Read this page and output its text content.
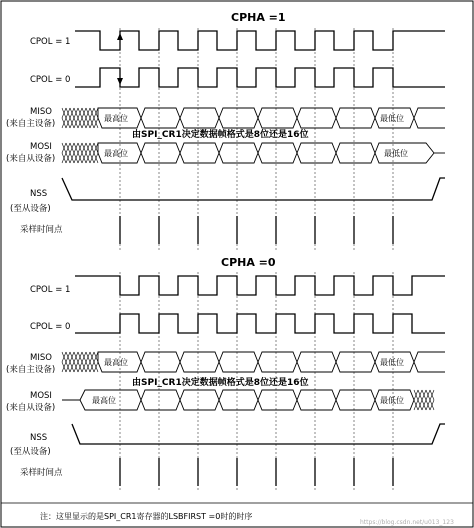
CPHA =1
CPOL = 1
CPOL = 0
MISO
(来自主设备)
最高位	最低位
由SPI_CR1决定数据帧格式是8位还是16位
MOSI
(来自从设备)
最高位	最低位
NSS
(至从设备)
采样时间点
CPHA =0
CPOL = 1
CPOL = 0
MISO
(来自主设备)
最高位	最低位
由SPI_CR1决定数据帧格式是8位还是16位
MOSI
(来自从设备)
最高位	最低位
NSS
(至从设备)
采样时间点
注：这里显示的是SPI_CR1寄存器的LSBFIRST =0时的时序
https://blog.csdn.net/u013_123
